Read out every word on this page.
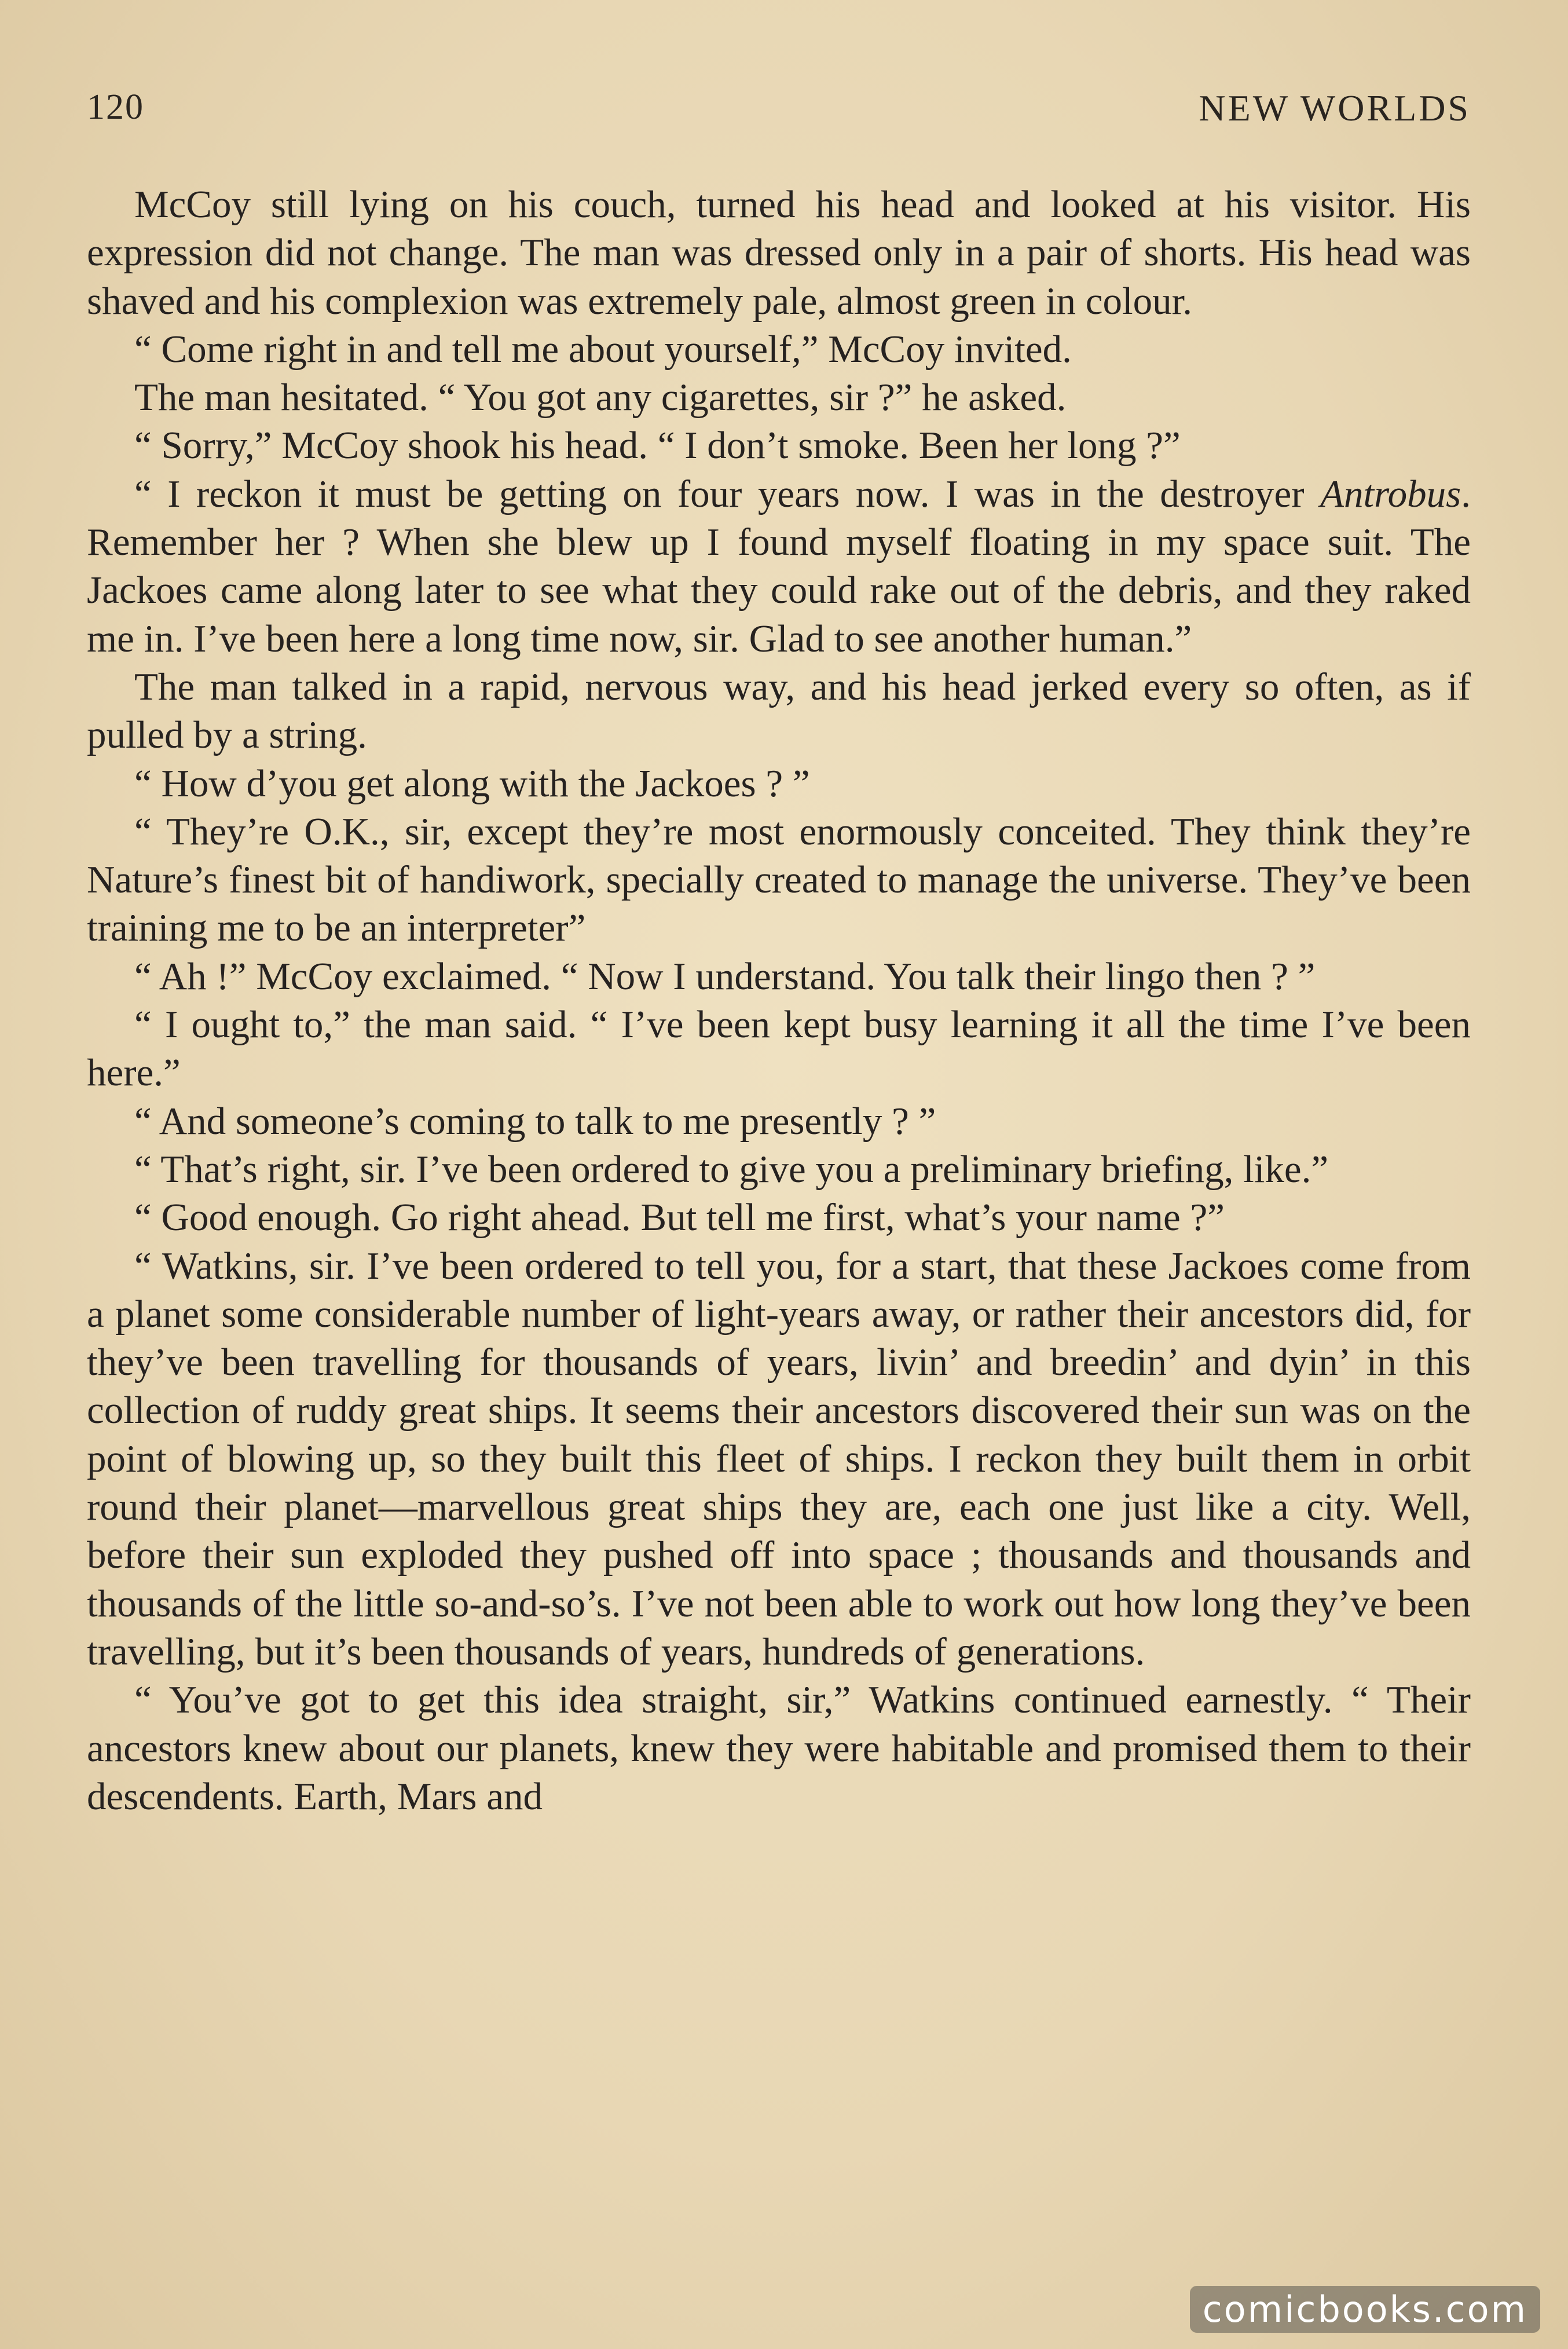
120	NEW WORLDS

McCoy still lying on his couch, turned his head and looked at his visitor. His expression did not change. The man was dressed only in a pair of shorts. His head was shaved and his complexion was extremely pale, almost green in colour.

“ Come right in and tell me about yourself,” McCoy invited.

The man hesitated. “ You got any cigarettes, sir ?” he asked.

“ Sorry,” McCoy shook his head. “ I don’t smoke. Been her long ?”

“ I reckon it must be getting on four years now. I was in the destroyer Antrobus. Remember her ? When she blew up I found myself floating in my space suit. The Jackoes came along later to see what they could rake out of the debris, and they raked me in. I’ve been here a long time now, sir. Glad to see another human.”

The man talked in a rapid, nervous way, and his head jerked every so often, as if pulled by a string.

“ How d’you get along with the Jackoes ? ”

“ They’re O.K., sir, except they’re most enormously conceited. They think they’re Nature’s finest bit of handiwork, specially created to manage the universe. They’ve been training me to be an interpreter”

“ Ah !” McCoy exclaimed. “ Now I understand. You talk their lingo then ? ”

“ I ought to,” the man said. “ I’ve been kept busy learning it all the time I’ve been here.”

“ And someone’s coming to talk to me presently ? ”

“ That’s right, sir. I’ve been ordered to give you a preliminary briefing, like.”

“ Good enough. Go right ahead. But tell me first, what’s your name ?”

“ Watkins, sir. I’ve been ordered to tell you, for a start, that these Jackoes come from a planet some considerable number of light-years away, or rather their ancestors did, for they’ve been travelling for thousands of years, livin’ and breedin’ and dyin’ in this collection of ruddy great ships. It seems their ancestors discovered their sun was on the point of blowing up, so they built this fleet of ships. I reckon they built them in orbit round their planet—marvellous great ships they are, each one just like a city. Well, before their sun exploded they pushed off into space ; thousands and thousands and thousands of the little so-and-so’s. I’ve not been able to work out how long they’ve been travelling, but it’s been thousands of years, hundreds of generations.

“ You’ve got to get this idea straight, sir,” Watkins continued earnestly. “ Their ancestors knew about our planets, knew they were habitable and promised them to their descendents. Earth, Mars and

comicbooks.com
